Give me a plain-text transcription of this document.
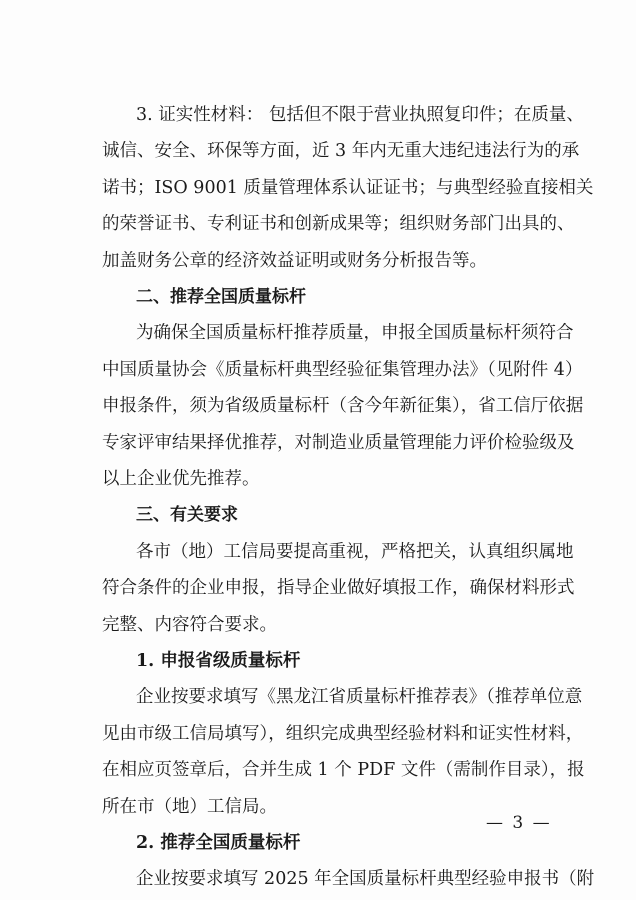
3. 证实性材料： 包括但不限于营业执照复印件；在质量、
诚信、安全、环保等方面，近 3 年内无重大违纪违法行为的承
诺书；ISO 9001 质量管理体系认证证书；与典型经验直接相关
的荣誉证书、专利证书和创新成果等；组织财务部门出具的、
加盖财务公章的经济效益证明或财务分析报告等。
二、推荐全国质量标杆
为确保全国质量标杆推荐质量，申报全国质量标杆须符合
中国质量协会《质量标杆典型经验征集管理办法》（见附件 4）
申报条件，须为省级质量标杆（含今年新征集），省工信厅依据
专家评审结果择优推荐，对制造业质量管理能力评价检验级及
以上企业优先推荐。
三、有关要求
各市（地）工信局要提高重视，严格把关，认真组织属地
符合条件的企业申报，指导企业做好填报工作，确保材料形式
完整、内容符合要求。
1. 申报省级质量标杆
企业按要求填写《黑龙江省质量标杆推荐表》（推荐单位意
见由市级工信局填写），组织完成典型经验材料和证实性材料，
在相应页签章后，合并生成 1 个 PDF 文件（需制作目录），报
所在市（地）工信局。
2. 推荐全国质量标杆
企业按要求填写 2025 年全国质量标杆典型经验申报书（附
— 3 —
